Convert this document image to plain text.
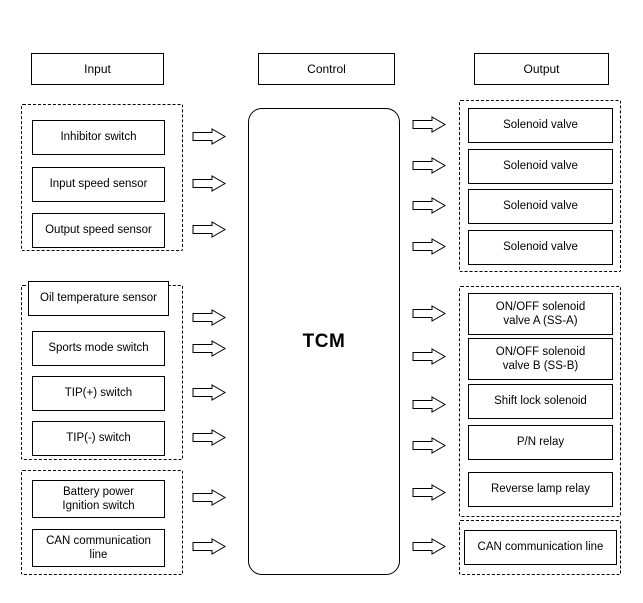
Input	Control	Output
TCM
Inhibitor switch
Input speed sensor
Output speed sensor
Oil temperature sensor
Sports mode switch
TIP(+) switch
TIP(-) switch
Battery power
Ignition switch
CAN communication
line
Solenoid valve
Solenoid valve
Solenoid valve
Solenoid valve
ON/OFF solenoid
valve A (SS-A)
ON/OFF solenoid
valve B (SS-B)
Shift lock solenoid
P/N relay
Reverse lamp relay
CAN communication line
